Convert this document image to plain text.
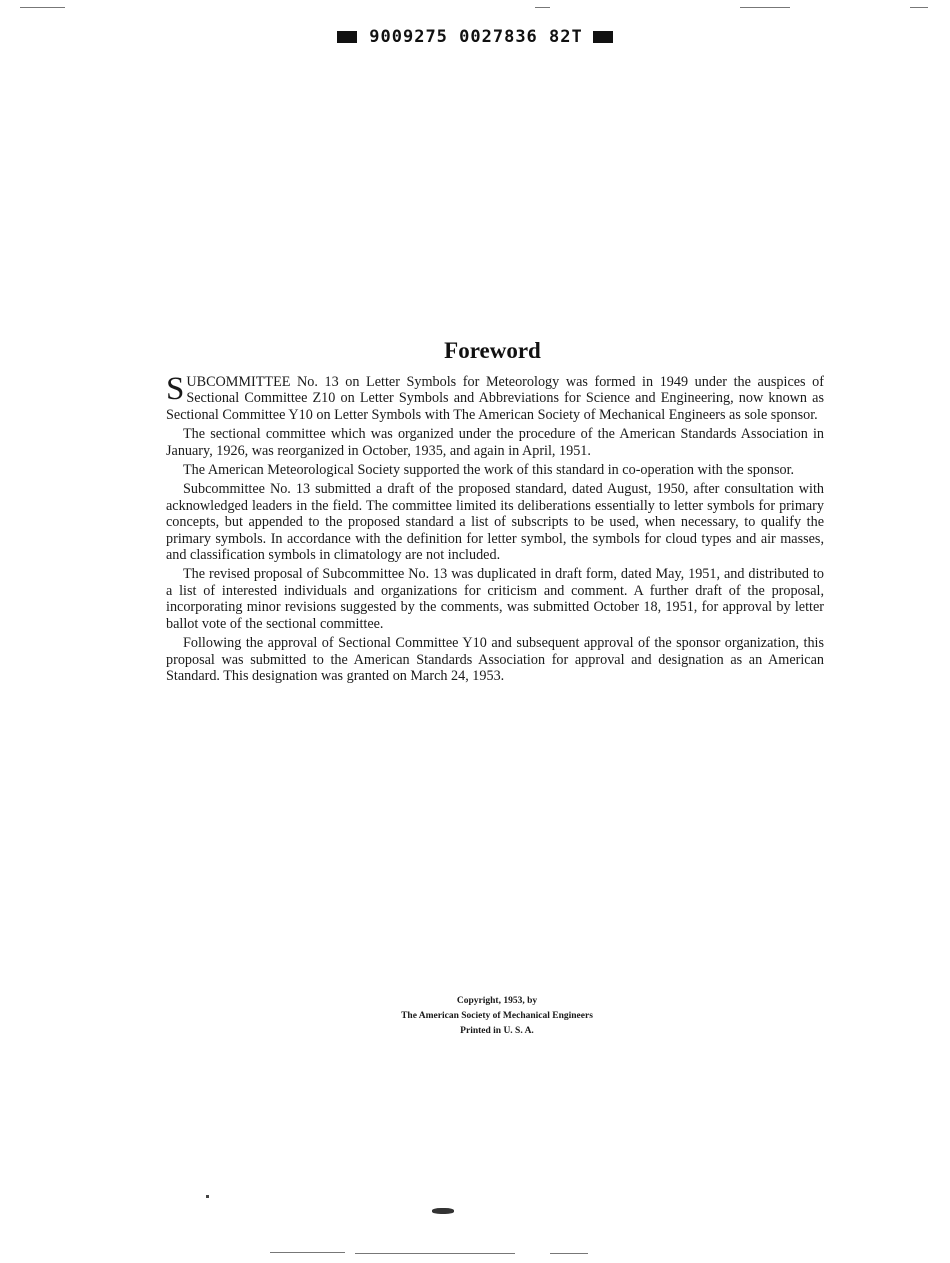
9009275 0027836 82T
Foreword

SUBCOMMITTEE No. 13 on Letter Symbols for Meteorology was formed in 1949 under the auspices of Sectional Committee Z10 on Letter Symbols and Abbreviations for Science and Engineering, now known as Sectional Committee Y10 on Letter Symbols with The American Society of Mechanical Engineers as sole sponsor.

The sectional committee which was organized under the procedure of the American Standards Association in January, 1926, was reorganized in October, 1935, and again in April, 1951.

The American Meteorological Society supported the work of this standard in co-operation with the sponsor.

Subcommittee No. 13 submitted a draft of the proposed standard, dated August, 1950, after consultation with acknowledged leaders in the field. The committee limited its deliberations essentially to letter symbols for primary concepts, but appended to the proposed standard a list of subscripts to be used, when necessary, to qualify the primary symbols. In accordance with the definition for letter symbol, the symbols for cloud types and air masses, and classification symbols in climatology are not included.

The revised proposal of Subcommittee No. 13 was duplicated in draft form, dated May, 1951, and distributed to a list of interested individuals and organizations for criticism and comment. A further draft of the proposal, incorporating minor revisions suggested by the comments, was submitted October 18, 1951, for approval by letter ballot vote of the sectional committee.

Following the approval of Sectional Committee Y10 and subsequent approval of the sponsor organization, this proposal was submitted to the American Standards Association for approval and designation as an American Standard. This designation was granted on March 24, 1953.

Copyright, 1953, by
The American Society of Mechanical Engineers
Printed in U. S. A.
